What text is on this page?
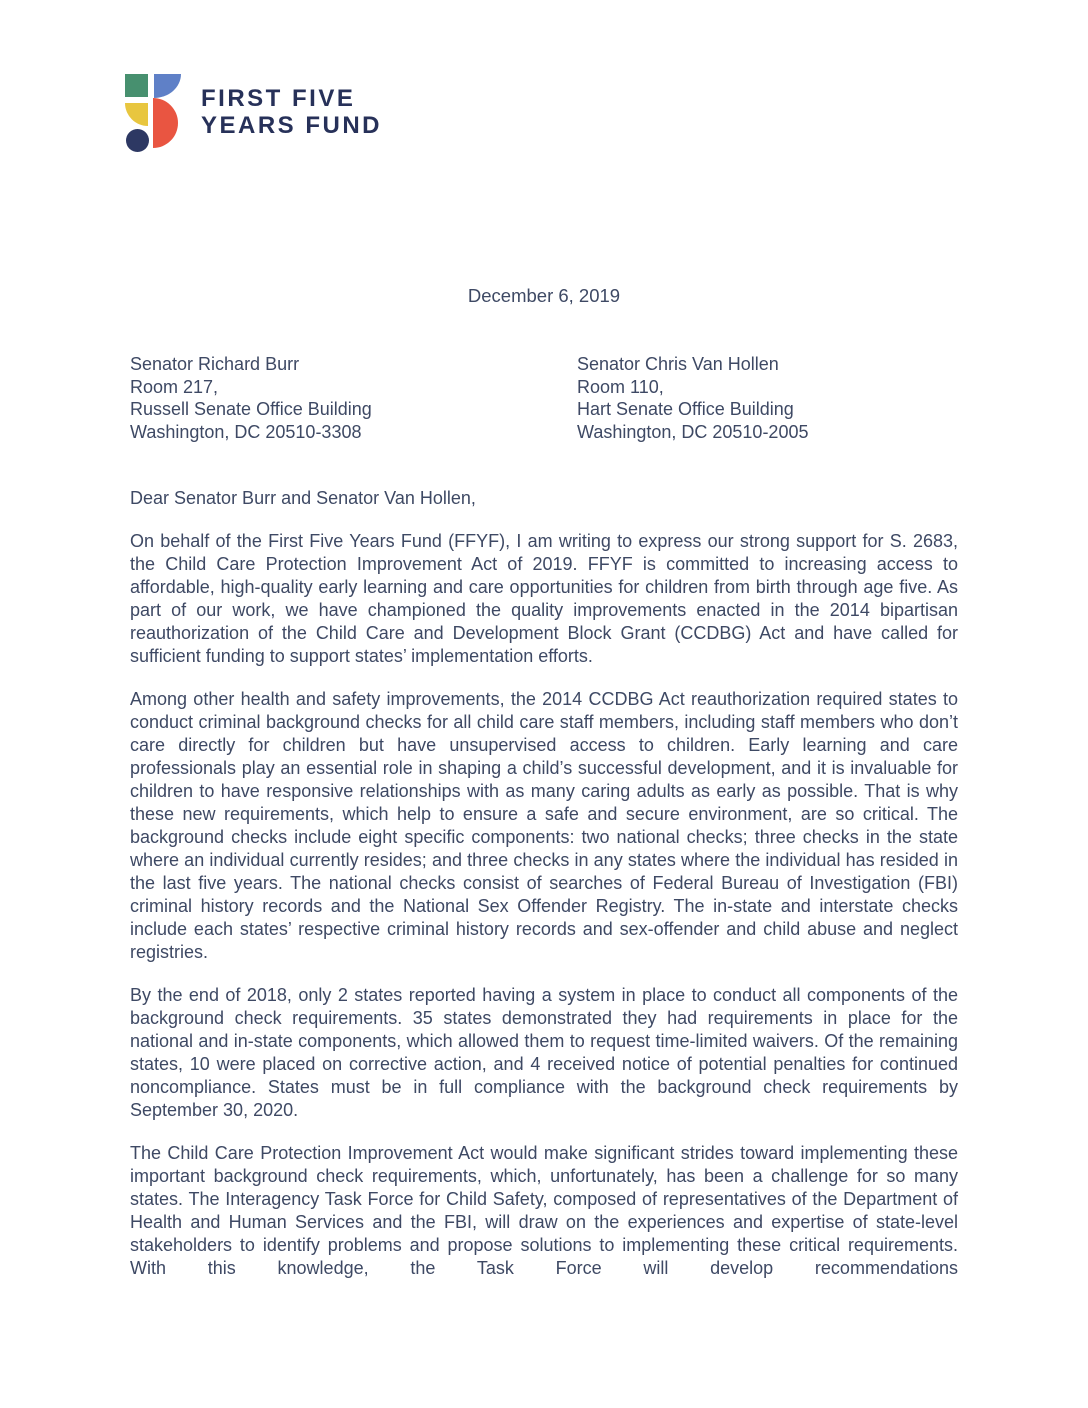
FIRST FIVE
YEARS FUND
December 6, 2019
Senator Richard Burr
Room 217,
Russell Senate Office Building
Washington, DC 20510-3308
Senator Chris Van Hollen
Room 110,
Hart Senate Office Building
Washington, DC 20510-2005

Dear Senator Burr and Senator Van Hollen,

On behalf of the First Five Years Fund (FFYF), I am writing to express our strong support for S. 2683, the Child Care Protection Improvement Act of 2019. FFYF is committed to increasing access to affordable, high-quality early learning and care opportunities for children from birth through age five. As part of our work, we have championed the quality improvements enacted in the 2014 bipartisan reauthorization of the Child Care and Development Block Grant (CCDBG) Act and have called for sufficient funding to support states’ implementation efforts.

Among other health and safety improvements, the 2014 CCDBG Act reauthorization required states to conduct criminal background checks for all child care staff members, including staff members who don’t care directly for children but have unsupervised access to children. Early learning and care professionals play an essential role in shaping a child’s successful development, and it is invaluable for children to have responsive relationships with as many caring adults as early as possible. That is why these new requirements, which help to ensure a safe and secure environment, are so critical. The background checks include eight specific components: two national checks; three checks in the state where an individual currently resides; and three checks in any states where the individual has resided in the last five years. The national checks consist of searches of Federal Bureau of Investigation (FBI) criminal history records and the National Sex Offender Registry. The in-state and interstate checks include each states’ respective criminal history records and sex-offender and child abuse and neglect registries.

By the end of 2018, only 2 states reported having a system in place to conduct all components of the background check requirements. 35 states demonstrated they had requirements in place for the national and in-state components, which allowed them to request time-limited waivers. Of the remaining states, 10 were placed on corrective action, and 4 received notice of potential penalties for continued noncompliance. States must be in full compliance with the background check requirements by September 30, 2020.

The Child Care Protection Improvement Act would make significant strides toward implementing these important background check requirements, which, unfortunately, has been a challenge for so many states. The Interagency Task Force for Child Safety, composed of representatives of the Department of Health and Human Services and the FBI, will draw on the experiences and expertise of state-level stakeholders to identify problems and propose solutions to implementing these critical requirements. With this knowledge, the Task Force will develop recommendations
